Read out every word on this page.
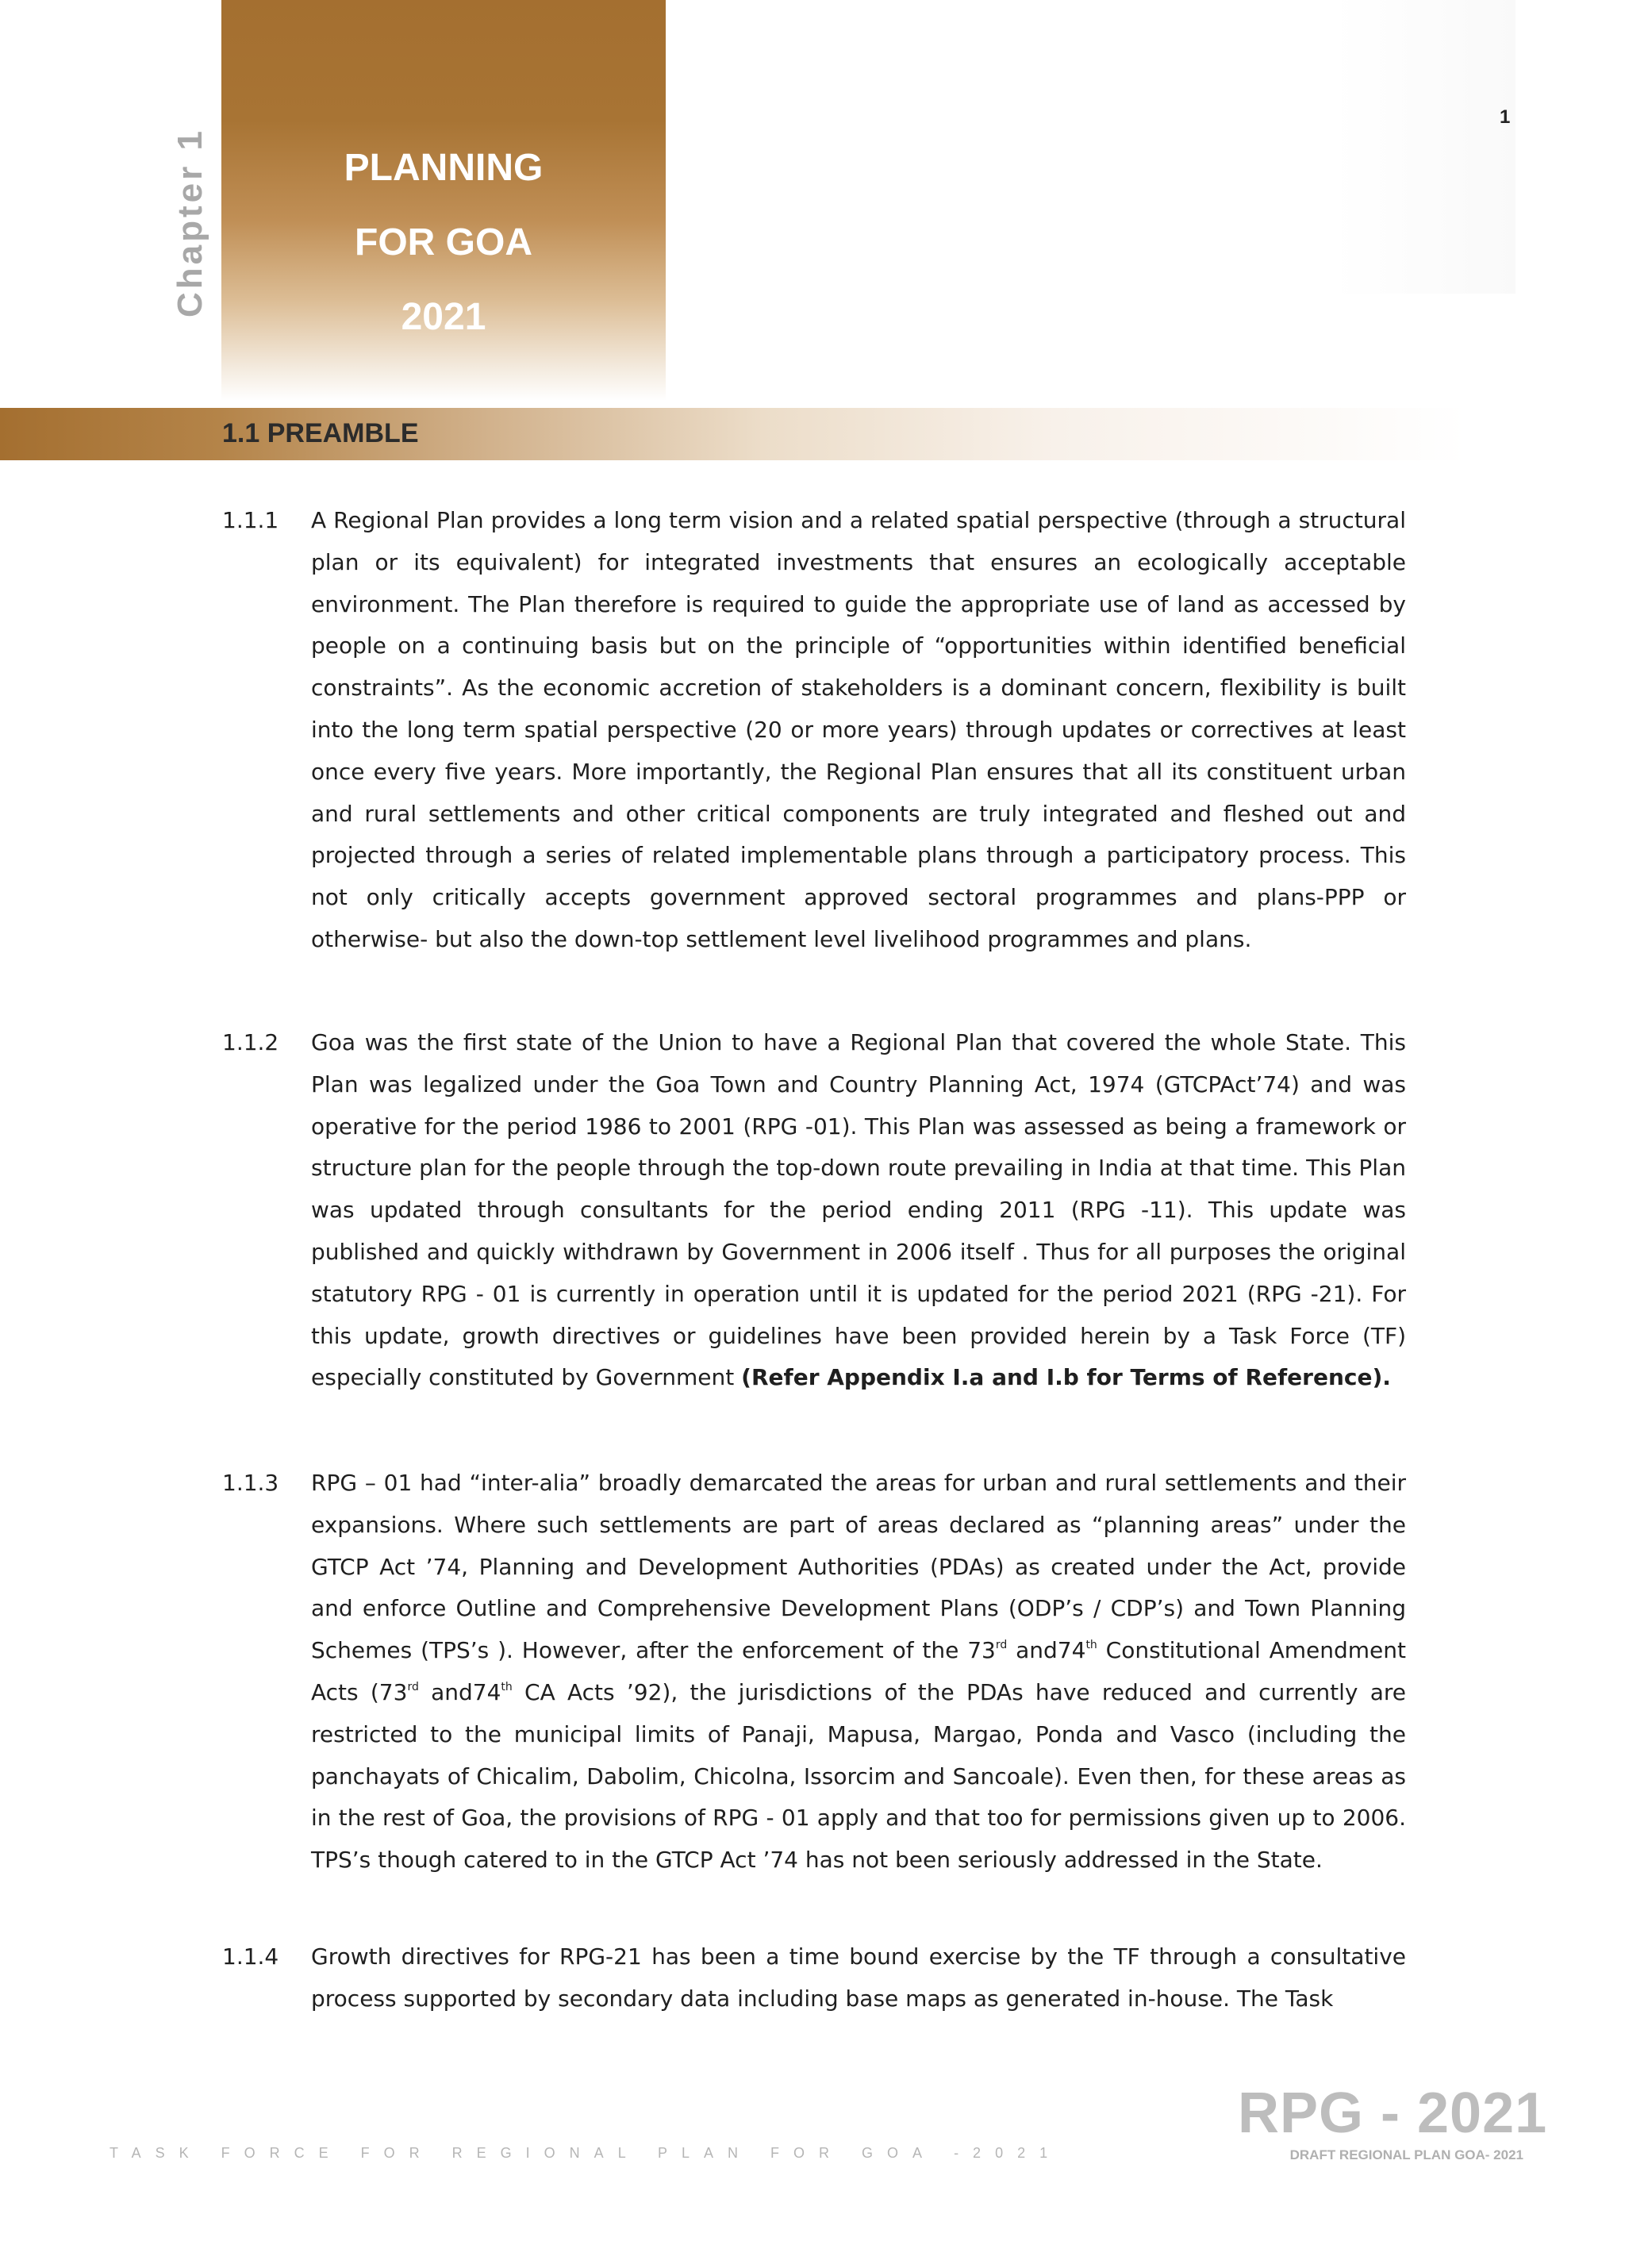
PLANNING
FOR GOA
2021
Chapter 1
1
1.1 PREAMBLE
1.1.1	A Regional Plan provides a long term vision and a related spatial perspective (through a structural plan or its equivalent) for integrated investments that ensures an ecologically acceptable environment. The Plan therefore is required to guide the appropriate use of land as accessed by people on a continuing basis but on the principle of “opportunities within identified beneficial constraints”. As the economic accretion of stakeholders is a dominant concern, flexibility is built into the long term spatial perspective (20 or more years) through updates or correctives at least once every five years. More importantly, the Regional Plan ensures that all its constituent urban and rural settlements and other critical components are truly integrated and fleshed out and projected through a series of related implementable plans through a participatory process. This not only critically accepts government approved sectoral programmes and plans-PPP or otherwise- but also the down-top settlement level livelihood programmes and plans.
1.1.2	Goa was the first state of the Union to have a Regional Plan that covered the whole State. This Plan was legalized under the Goa Town and Country Planning Act, 1974 (GTCPAct’74) and was operative for the period 1986 to 2001 (RPG -01). This Plan was assessed as being a framework or structure plan for the people through the top-down route prevailing in India at that time. This Plan was updated through consultants for the period ending 2011 (RPG -11). This update was published and quickly withdrawn by Government in 2006 itself . Thus for all purposes the original statutory RPG - 01 is currently in operation until it is updated for the period 2021 (RPG -21). For this update, growth directives or guidelines have been provided herein by a Task Force (TF) especially constituted by Government (Refer Appendix I.a and I.b for Terms of Reference).
1.1.3	RPG – 01 had “inter-alia” broadly demarcated the areas for urban and rural settlements and their expansions. Where such settlements are part of areas declared as “planning areas” under the GTCP Act ’74, Planning and Development Authorities (PDAs) as created under the Act, provide and enforce Outline and Comprehensive Development Plans (ODP’s / CDP’s) and Town Planning Schemes (TPS’s ). However, after the enforcement of the 73rd and74th Constitutional Amendment Acts (73rd and74th CA Acts ’92), the jurisdictions of the PDAs have reduced and currently are restricted to the municipal limits of Panaji, Mapusa, Margao, Ponda and Vasco (including the panchayats of Chicalim, Dabolim, Chicolna, Issorcim and Sancoale). Even then, for these areas as in the rest of Goa, the provisions of RPG - 01 apply and that too for permissions given up to 2006. TPS’s though catered to in the GTCP Act ’74 has not been seriously addressed in the State.
1.1.4	Growth directives for RPG-21 has been a time bound exercise by the TF through a consultative process supported by secondary data including base maps as generated in-house. The Task
TASK FORCE FOR REGIONAL PLAN FOR GOA -2021
RPG - 2021
DRAFT REGIONAL PLAN GOA- 2021
